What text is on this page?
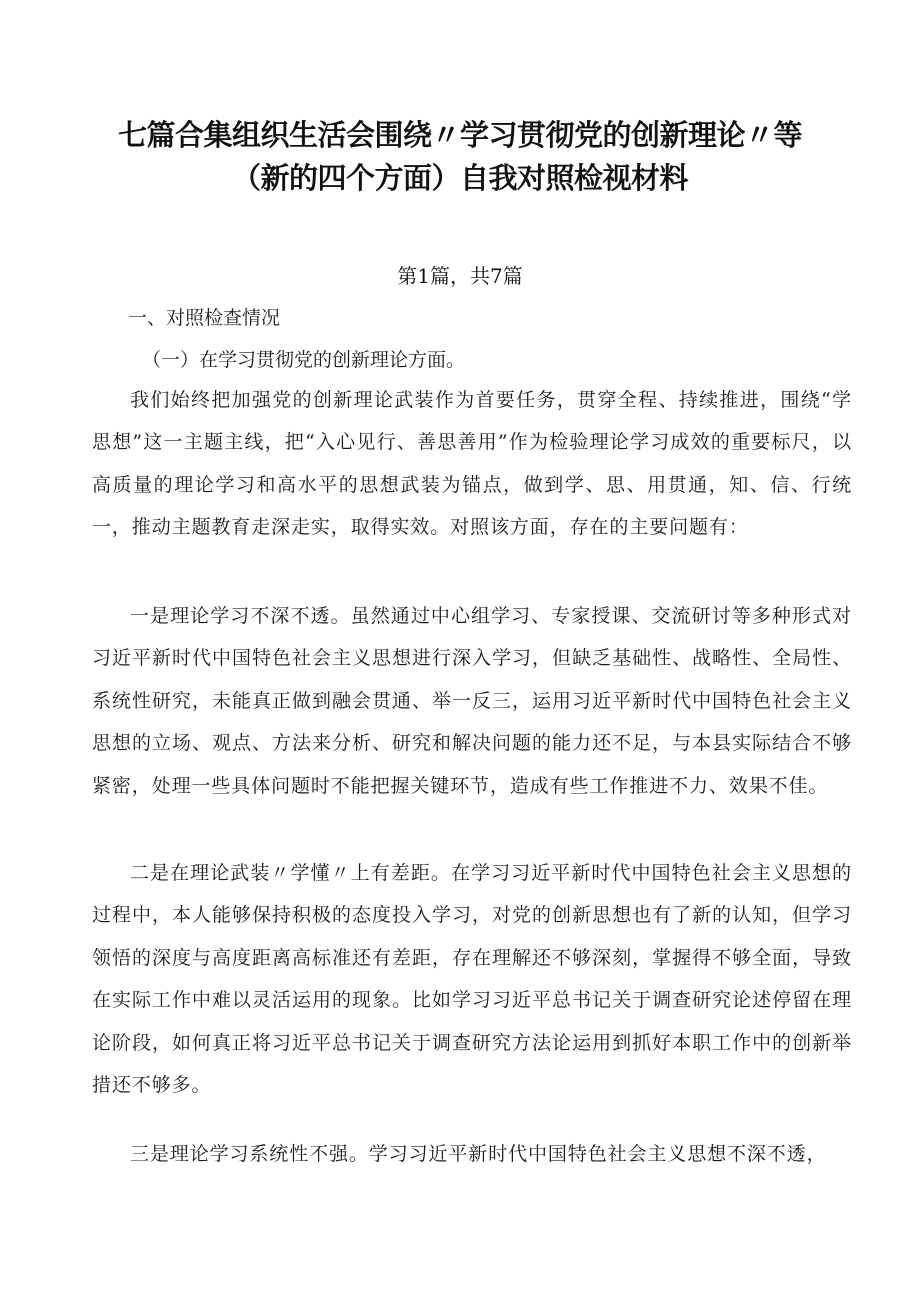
七篇合集组织生活会围绕〃学习贯彻党的创新理论〃等
（新的四个方面）自我对照检视材料

第1篇，共7篇

一、对照检查情况

（一）在学习贯彻党的创新理论方面。

我们始终把加强党的创新理论武装作为首要任务，贯穿全程、持续推进，围绕“学思想”这一主题主线，把“入心见行、善思善用”作为检验理论学习成效的重要标尺，以高质量的理论学习和高水平的思想武装为锚点，做到学、思、用贯通，知、信、行统一，推动主题教育走深走实，取得实效。对照该方面，存在的主要问题有：

一是理论学习不深不透。虽然通过中心组学习、专家授课、交流研讨等多种形式对习近平新时代中国特色社会主义思想进行深入学习，但缺乏基础性、战略性、全局性、系统性研究，未能真正做到融会贯通、举一反三，运用习近平新时代中国特色社会主义思想的立场、观点、方法来分析、研究和解决问题的能力还不足，与本县实际结合不够紧密，处理一些具体问题时不能把握关键环节，造成有些工作推进不力、效果不佳。

二是在理论武装〃学懂〃上有差距。在学习习近平新时代中国特色社会主义思想的过程中，本人能够保持积极的态度投入学习，对党的创新思想也有了新的认知，但学习领悟的深度与高度距离高标准还有差距，存在理解还不够深刻，掌握得不够全面，导致在实际工作中难以灵活运用的现象。比如学习习近平总书记关于调查研究论述停留在理论阶段，如何真正将习近平总书记关于调查研究方法论运用到抓好本职工作中的创新举措还不够多。

三是理论学习系统性不强。学习习近平新时代中国特色社会主义思想不深不透，
